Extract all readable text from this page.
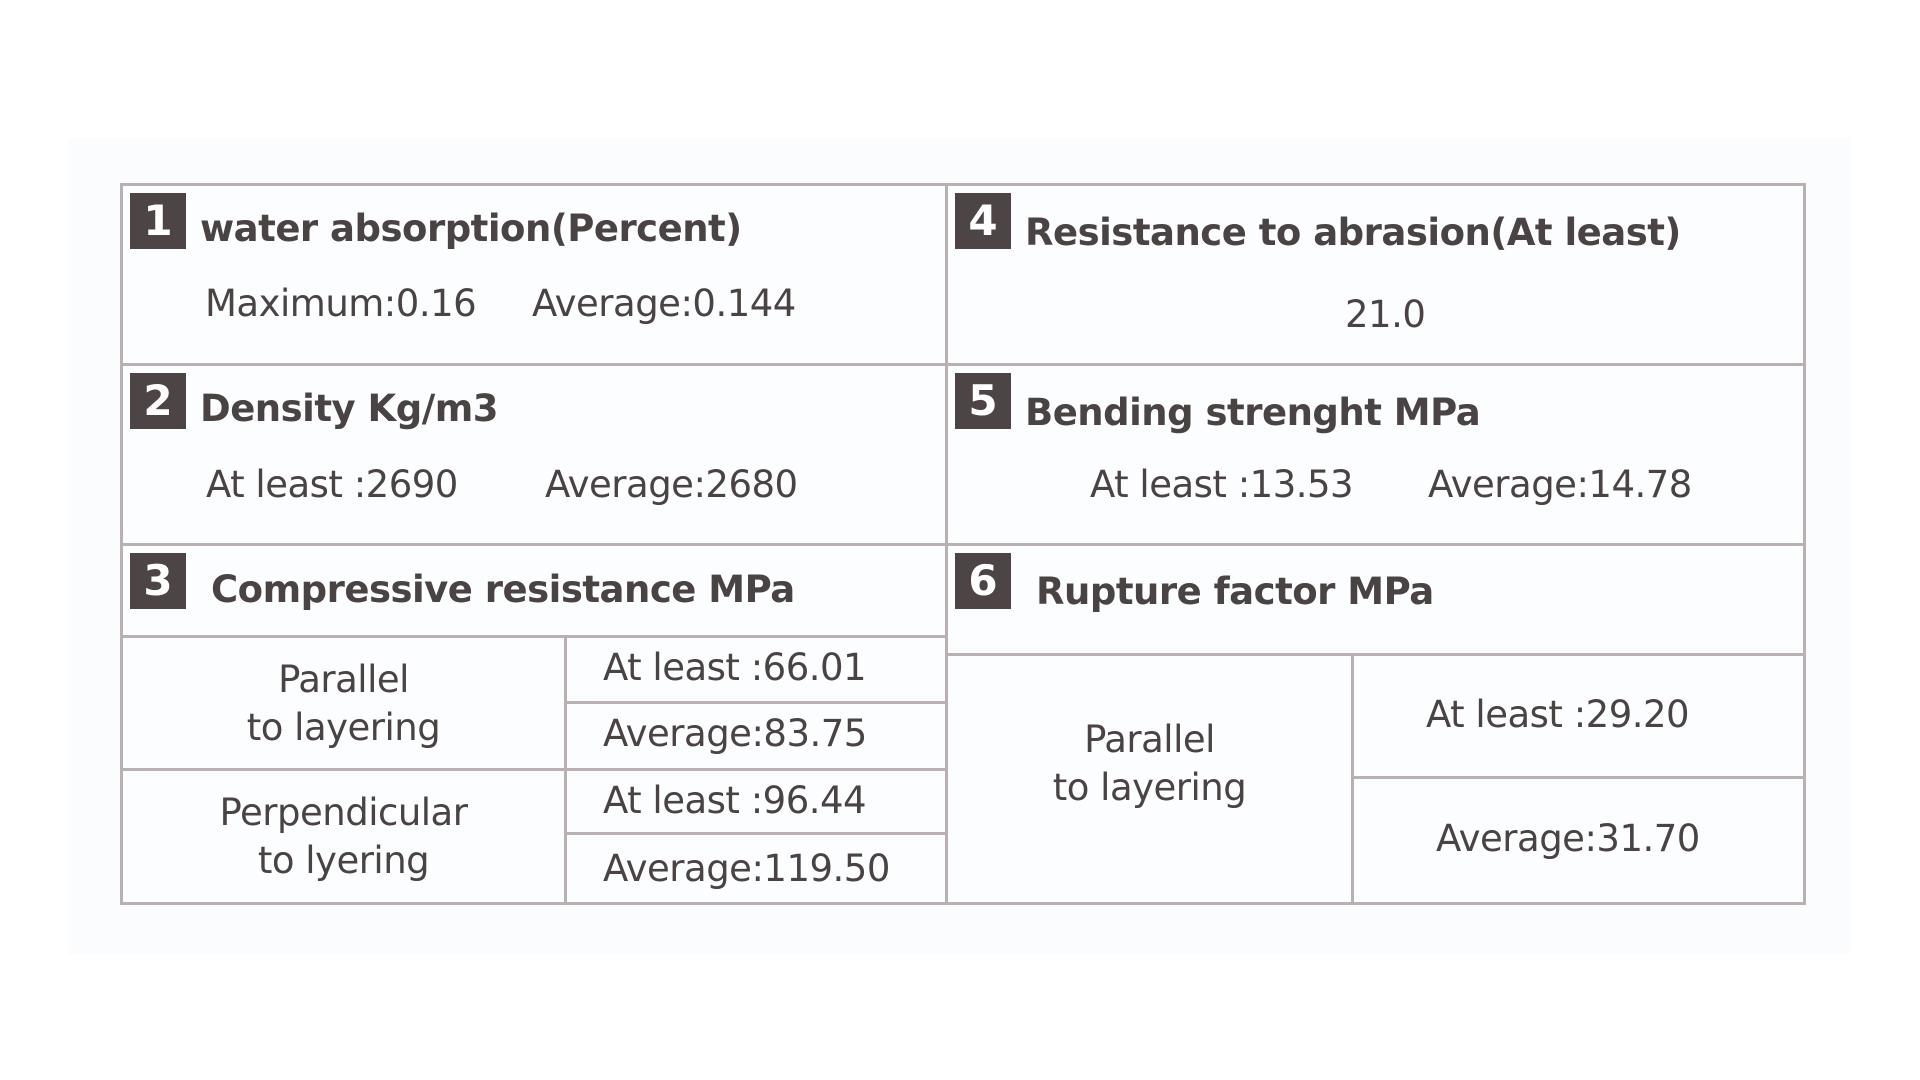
1 water absorption(Percent)
Maximum:0.16 Average:0.144
2 Density Kg/m3
At least :2690 Average:2680
3	Compressive resistance MPa
Parallel
to layering
At least :66.01
Average:83.75
Perpendicular
to lyering
At least :96.44
Average:119.50
4 Resistance to abrasion(At least)
21.0
5 Bending strenght MPa
At least :13.53 Average:14.78
6	Rupture factor MPa
Parallel
to layering
At least :29.20
Average:31.70
